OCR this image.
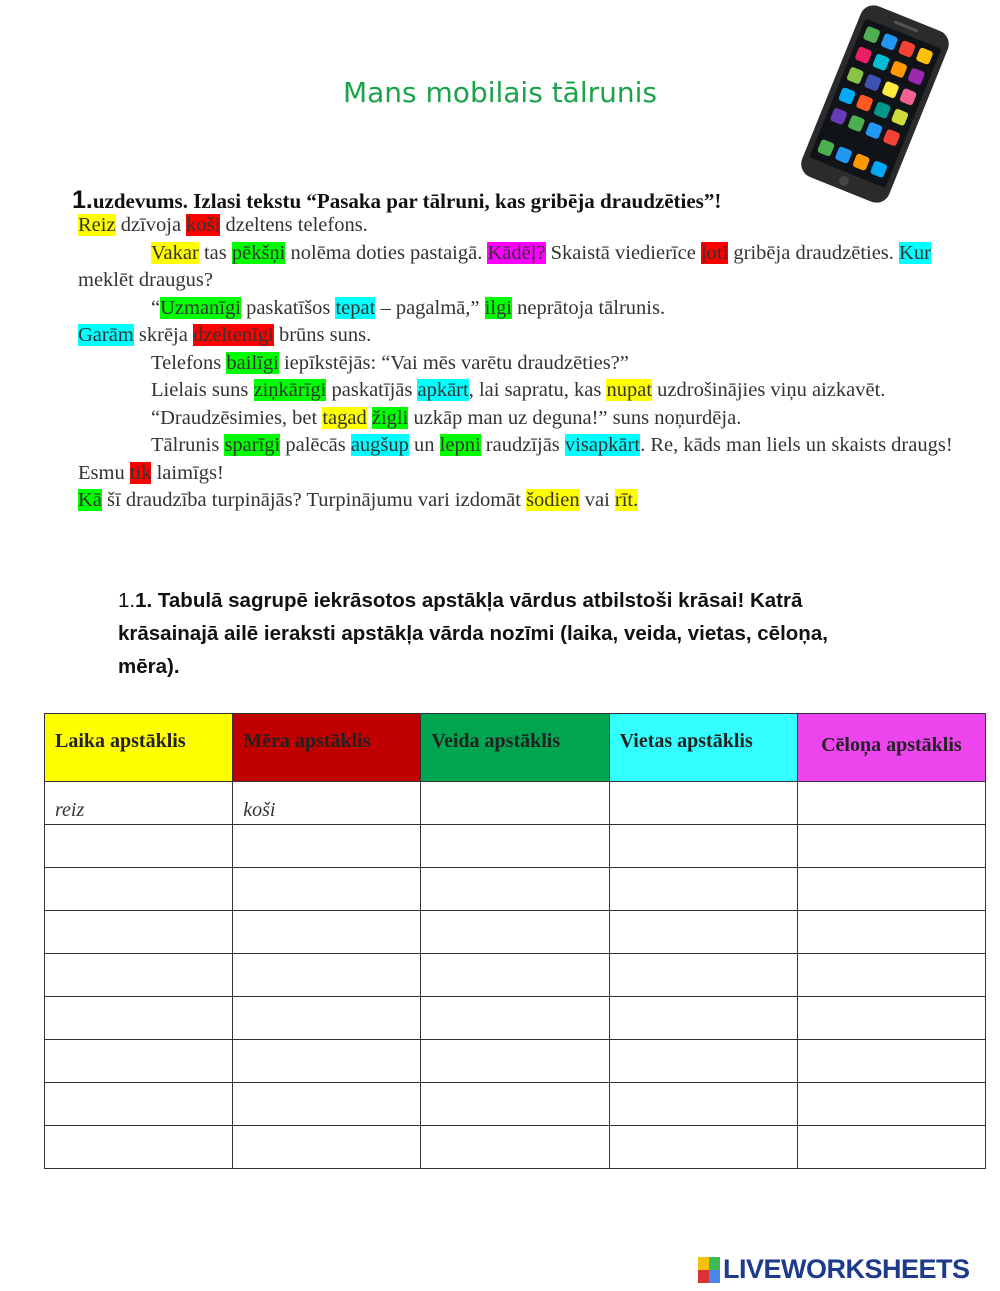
Mans mobilais tālrunis
1.uzdevums. Izlasi tekstu “Pasaka par tālruni, kas gribēja draudzēties”!

Reiz dzīvoja koši dzeltens telefons.

Vakar tas pēkšņi nolēma doties pastaigā. Kādēļ? Skaistā viedierīce ļoti gribēja draudzēties. Kur meklēt draugus?

“Uzmanīgi paskatīšos tepat – pagalmā,” ilgi neprātoja tālrunis.

Garām skrēja dzeltenīgi brūns suns.

Telefons bailīgi iepīkstējās: “Vai mēs varētu draudzēties?”

Lielais suns ziņkārīgi paskatījās apkārt, lai sapratu, kas nupat uzdrošinājies viņu aizkavēt.

“Draudzēsimies, bet tagad žigli uzkāp man uz deguna!” suns noņurdēja.

Tālrunis sparīgi palēcās augšup un lepni raudzījās visapkārt. Re, kāds man liels un skaists draugs! Esmu tik laimīgs!

Kā šī draudzība turpinājās? Turpinājumu vari izdomāt šodien vai rīt.

1.1. Tabulā sagrupē iekrāsotos apstākļa vārdus atbilstoši krāsai! Katrā krāsainajā ailē ieraksti apstākļa vārda nozīmi (laika, veida, vietas, cēloņa, mēra).
Laika apstāklis	Mēra apstāklis	Veida apstāklis	Vietas apstāklis	Cēloņa apstāklis
reiz	koši			

LIVEWORKSHEETS
